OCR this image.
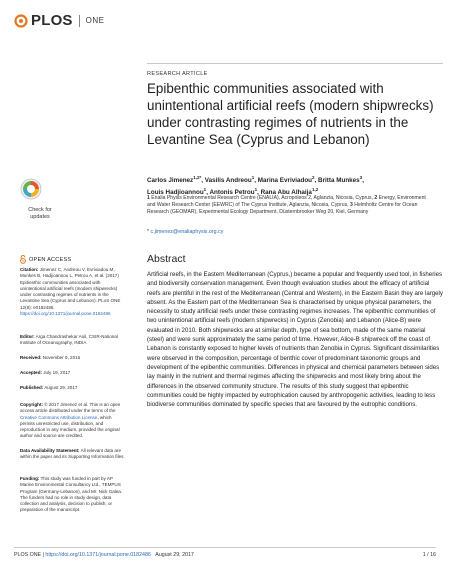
PLOS ONE
RESEARCH ARTICLE
Epibenthic communities associated with unintentional artificial reefs (modern shipwrecks) under contrasting regimes of nutrients in the Levantine Sea (Cyprus and Lebanon)
Carlos Jimenez$^{1,2*}$, Vasilis Andreou$^1$, Marina Evriviadou$^2$, Britta Munkes$^3$,
Louis Hadjioannou$^1$, Antonis Petrou$^1$, Rana Abu Alhaija$^{1,2}$
1 Enalia Physis Environmental Research Centre (ENALIA), Acropoleos 2, Aglanzia, Nicosia, Cyprus, 2 Energy, Environment and Water Research Center (EEWRC) of The Cyprus Institute, Aglanzia, Nicosia, Cyprus, 3 Helmholtz Centre for Ocean Research (GEOMAR), Experimental Ecology Department, Düsternbrooker Weg 20, Kiel, Germany
* c.jimenez@enaliaphysis.org.cy
Abstract
Artificial reefs, in the Eastern Mediterranean (Cyprus,) became a popular and frequently used tool, in fisheries and biodiversity conservation management. Even though evaluation studies about the efficacy of artificial reefs are plentiful in the rest of the Mediterranean (Central and Western), in the Eastern Basin they are largely absent. As the Eastern part of the Mediterranean Sea is characterised by unique physical parameters, the necessity to study artificial reefs under these contrasting regimes increases. The epibenthic communities of two unintentional artificial reefs (modern shipwrecks) in Cyprus (Zenobia) and Lebanon (Alice-B) were evaluated in 2010. Both shipwrecks are at similar depth, type of sea bottom, made of the same material (steel) and were sunk approximately the same period of time. However, Alice-B shipwreck off the coast of Lebanon is constantly exposed to higher levels of nutrients than Zenobia in Cyprus. Significant dissimilarities were observed in the composition, percentage of benthic cover of predominant taxonomic groups and development of the epibenthic communities. Differences in physical and chemical parameters between sides lay mainly in the nutrient and thermal regimes affecting the shipwrecks and most likely bring about the differences in the observed community structure. The results of this study suggest that epibenthic communities could be highly impacted by eutrophication caused by anthropogenic activities, leading to less biodiverse communities dominated by specific species that are favoured by the eutrophic conditions.
Check for
updates
OPEN ACCESS
Citation: Jimenez C, Andreou V, Evriviadou M, Munkes B, Hadjioannou L, Petrou A, et al. (2017) Epibenthic communities associated with unintentional artificial reefs (modern shipwrecks) under contrasting regimes of nutrients in the Levantine Sea (Cyprus and Lebanon). PLoS ONE 12(8): e0182486. https://doi.org/10.1371/journal.pone.0182486
Editor: Arga Chandrashekar Anil, CSIR-National Institute of Oceanography, INDIA
Received: November 9, 2016
Accepted: July 19, 2017
Published: August 29, 2017
Copyright: © 2017 Jimenez et al. This is an open access article distributed under the terms of the Creative Commons Attribution License, which permits unrestricted use, distribution, and reproduction in any medium, provided the original author and source are credited.
Data Availability Statement: All relevant data are within the paper and its Supporting Information files.
Funding: This study was funded in part by AP Marine Environmental Consultancy Ltd., TEMPUS Program (Germany-Lebanon), and Mr. Nick Galea. The funders had no role in study design, data collection and analysis, decision to publish, or preparation of the manuscript.
PLOS ONE | https://doi.org/10.1371/journal.pone.0182486 August 29, 2017	1 / 16
